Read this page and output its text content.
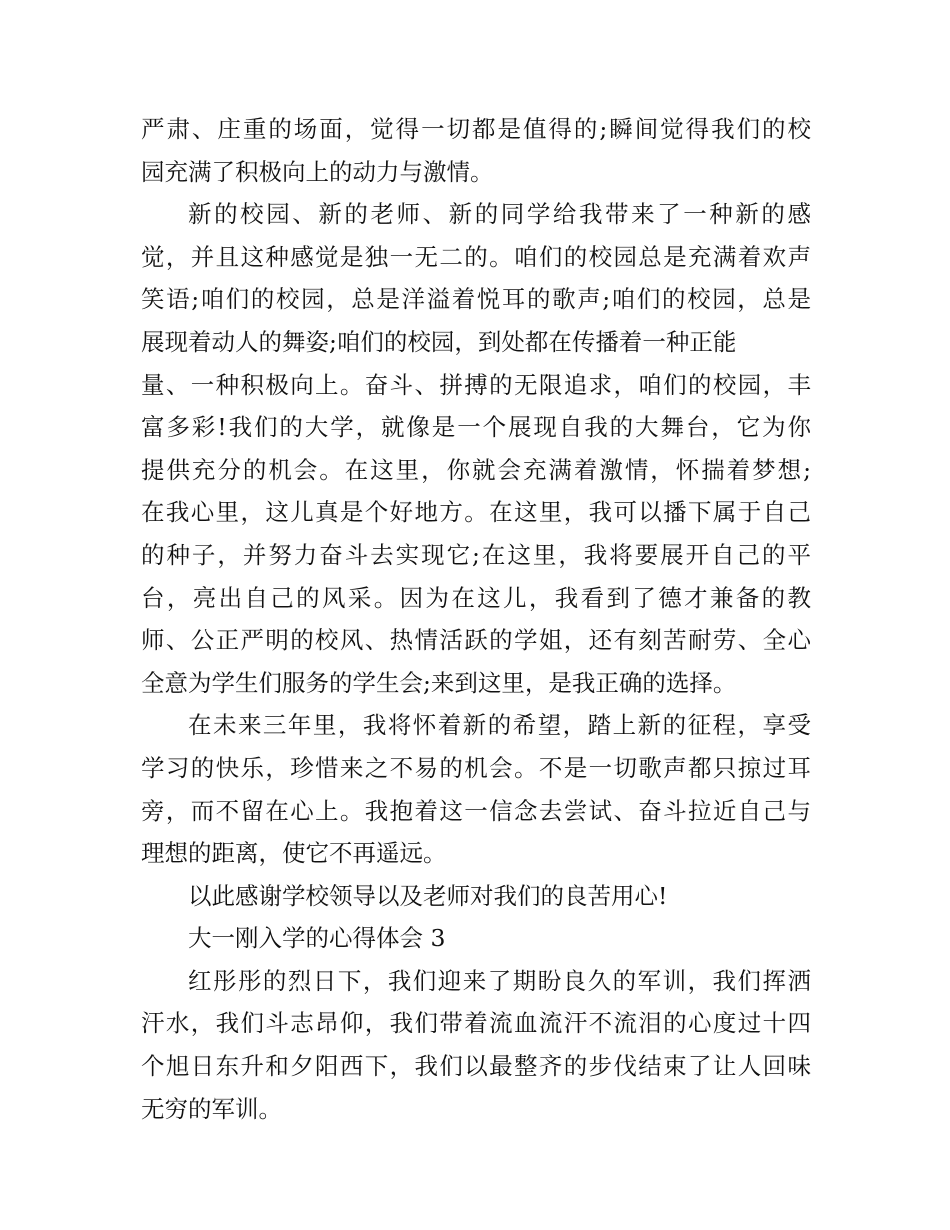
严肃、庄重的场面，觉得一切都是值得的;瞬间觉得我们的校
园充满了积极向上的动力与激情。
新的校园、新的老师、新的同学给我带来了一种新的感
觉，并且这种感觉是独一无二的。咱们的校园总是充满着欢声
笑语;咱们的校园，总是洋溢着悦耳的歌声;咱们的校园，总是
展现着动人的舞姿;咱们的校园，到处都在传播着一种正能
量、一种积极向上。奋斗、拼搏的无限追求，咱们的校园，丰
富多彩!我们的大学，就像是一个展现自我的大舞台，它为你
提供充分的机会。在这里，你就会充满着激情，怀揣着梦想;
在我心里，这儿真是个好地方。在这里，我可以播下属于自己
的种子，并努力奋斗去实现它;在这里，我将要展开自己的平
台，亮出自己的风采。因为在这儿，我看到了德才兼备的教
师、公正严明的校风、热情活跃的学姐，还有刻苦耐劳、全心
全意为学生们服务的学生会;来到这里，是我正确的选择。
在未来三年里，我将怀着新的希望，踏上新的征程，享受
学习的快乐，珍惜来之不易的机会。不是一切歌声都只掠过耳
旁，而不留在心上。我抱着这一信念去尝试、奋斗拉近自己与
理想的距离，使它不再遥远。
以此感谢学校领导以及老师对我们的良苦用心!
大一刚入学的心得体会 3
红彤彤的烈日下，我们迎来了期盼良久的军训，我们挥洒
汗水，我们斗志昂仰，我们带着流血流汗不流泪的心度过十四
个旭日东升和夕阳西下，我们以最整齐的步伐结束了让人回味
无穷的军训。
